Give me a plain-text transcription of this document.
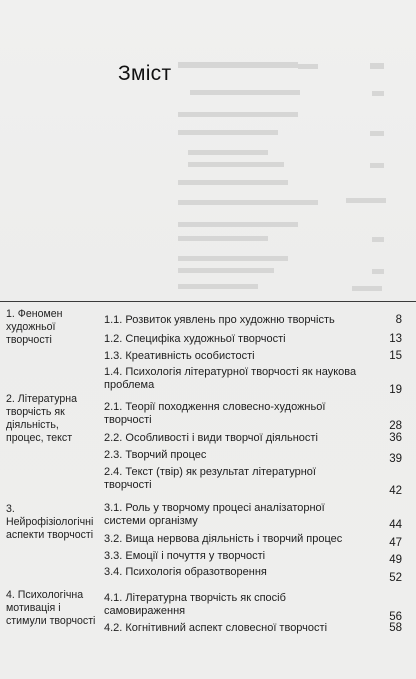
Зміст
1. Феномен художньої творчості
1.1. Розвиток уявлень про художню творчість	8
1.2. Специфіка художньої творчості	13
1.3. Креативність особистості	15
1.4. Психологія літературної творчості як наукова проблема	19
2. Літературна творчість як діяльність, процес, текст
2.1. Теорії походження словесно-художньої творчості	28
2.2. Особливості і види творчої діяльності	36
2.3. Творчий процес	39
2.4. Текст (твір) як результат літературної творчості	42
3. Нейрофізіологічні аспекти творчості
3.1. Роль у творчому процесі аналізаторної системи організму	44
3.2. Вища нервова діяльність і творчий процес	47
3.3. Емоції і почуття у творчості	49
3.4. Психологія образотворення	52
4. Психологічна мотивація і стимули творчості
4.1. Літературна творчість як спосіб самовираження	56
4.2. Когнітивний аспект словесної творчості	58
